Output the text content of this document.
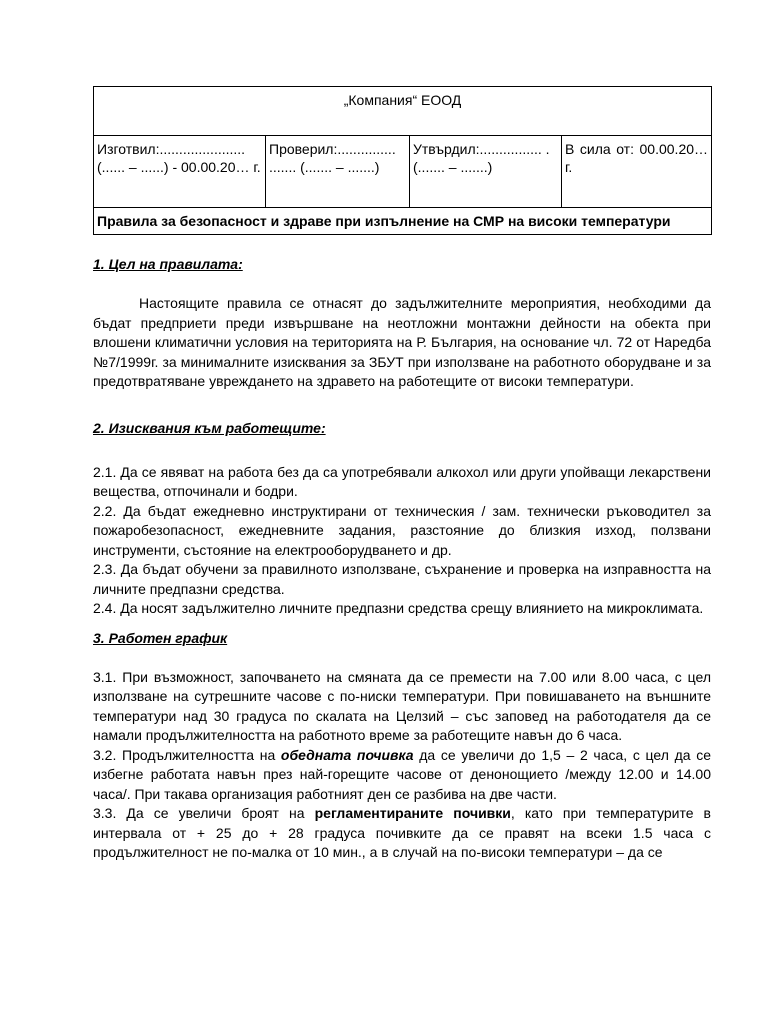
„Компания“ ЕООД
Изготвил:...................... (...... – ......) - 00.00.20… г.	Проверил:............... ....... (....... – .......)	Утвърдил:................ . (....... – .......)	В сила от: 00.00.20… г.
Правила за безопасност и здраве при изпълнение на СМР на високи температури
1. Цел на правилата:

Настоящите правила се отнасят до задължителните мероприятия, необходими да бъдат предприети преди извършване на неотложни монтажни дейности на обекта при влошени климатични условия на територията на Р. България, на основание чл. 72 от Наредба №7/1999г. за минималните изисквания за ЗБУТ при използване на работното оборудване и за предотвратяване увреждането на здравето на работещите от високи температури.

2. Изисквания към работещите:

2.1. Да се явяват на работа без да са употребявали алкохол или други упойващи лекарствени вещества, отпочинали и бодри.

2.2. Да бъдат ежедневно инструктирани от техническия / зам. технически ръководител за пожаробезопасност, ежедневните задания, разстояние до близкия изход, ползвани инструменти, състояние на електрооборудването и др.

2.3. Да бъдат обучени за правилното използване, съхранение и проверка на изправността на личните предпазни средства.

2.4. Да носят задължително личните предпазни средства срещу влиянието на микроклимата.

3. Работен график

3.1. При възможност, започването на смяната да се премести на 7.00 или 8.00 часа, с цел използване на сутрешните часове с по-ниски температури. При повишаването на външните температури над 30 градуса по скалата на Целзий – със заповед на работодателя да се намали продължителността на работното време за работещите навън до 6 часа.

3.2. Продължителността на обедната почивка да се увеличи до 1,5 – 2 часа, с цел да се избегне работата навън през най-горещите часове от денонощието /между 12.00 и 14.00 часа/. При такава организация работният ден се разбива на две части.

3.3. Да се увеличи броят на регламентираните почивки, като при температурите в интервала от + 25 до + 28 градуса почивките да се правят на всеки 1.5 часа с продължителност не по-малка от 10 мин., а в случай на по-високи температури – да се
